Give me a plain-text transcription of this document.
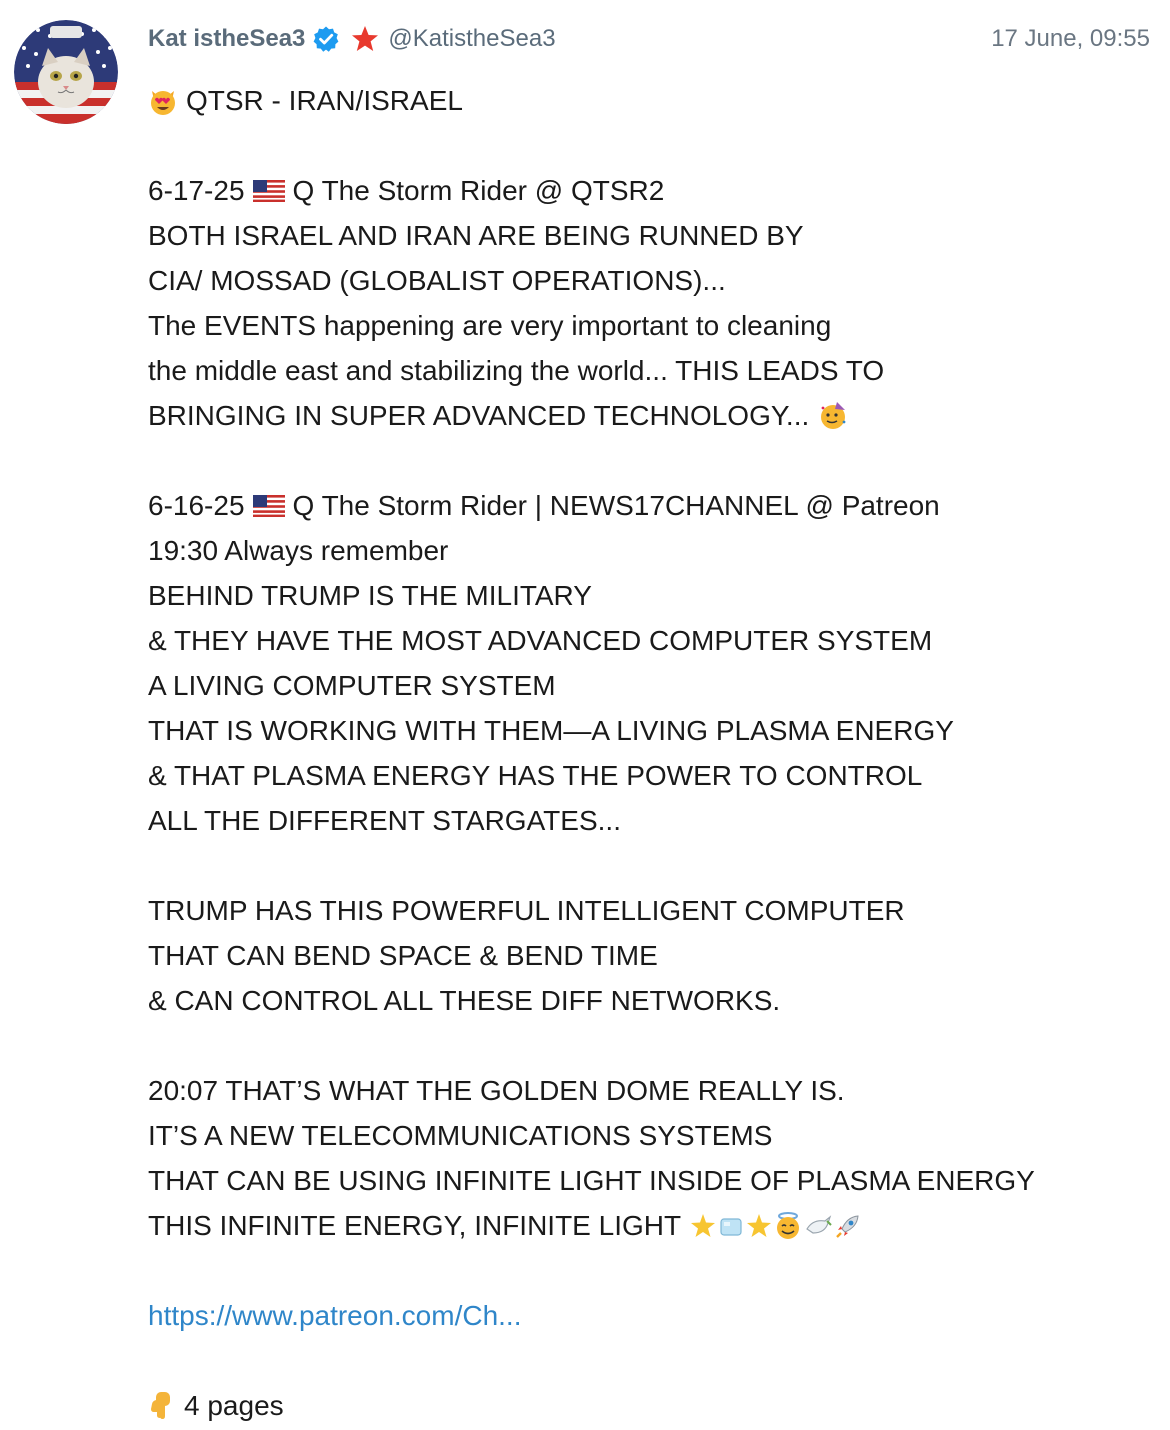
Kat istheSea3	@KatistheSea3	17 June, 09:55
QTSR - IRAN/ISRAEL
6-17-25 Q The Storm Rider @ QTSR2
BOTH ISRAEL AND IRAN ARE BEING RUNNED BY
CIA/ MOSSAD (GLOBALIST OPERATIONS)...
The EVENTS happening are very important to cleaning
the middle east and stabilizing the world... THIS LEADS TO
BRINGING IN SUPER ADVANCED TECHNOLOGY...
6-16-25 Q The Storm Rider | NEWS17CHANNEL @ Patreon
19:30 Always remember
BEHIND TRUMP IS THE MILITARY
& THEY HAVE THE MOST ADVANCED COMPUTER SYSTEM
A LIVING COMPUTER SYSTEM
THAT IS WORKING WITH THEM—A LIVING PLASMA ENERGY
& THAT PLASMA ENERGY HAS THE POWER TO CONTROL
ALL THE DIFFERENT STARGATES...
TRUMP HAS THIS POWERFUL INTELLIGENT COMPUTER
THAT CAN BEND SPACE & BEND TIME
& CAN CONTROL ALL THESE DIFF NETWORKS.
20:07 THAT’S WHAT THE GOLDEN DOME REALLY IS.
IT’S A NEW TELECOMMUNICATIONS SYSTEMS
THAT CAN BE USING INFINITE LIGHT INSIDE OF PLASMA ENERGY
THIS INFINITE ENERGY, INFINITE LIGHT
https://www.patreon.com/Ch...
4 pages
